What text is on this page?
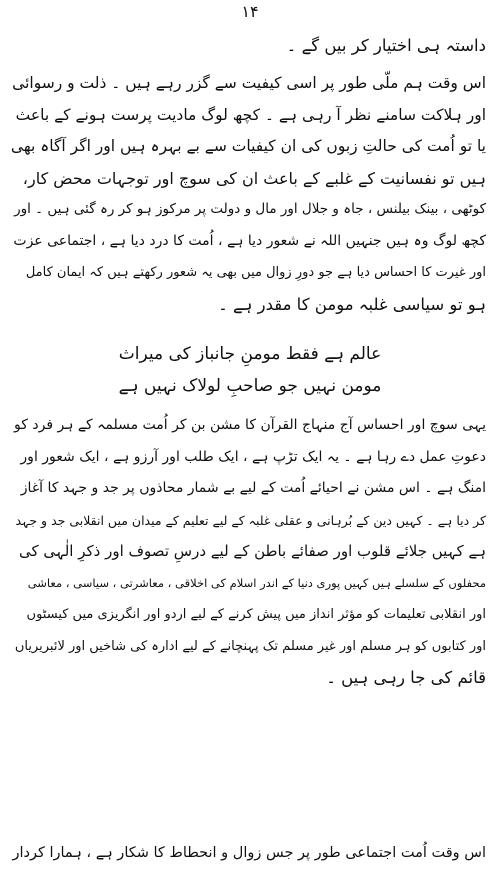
۱۴
داستہ ہی اختیار کر بیں گے ۔
اس وقت ہم ملّی طور پر اسی کیفیت سے گزر رہے ہیں ۔ ذلت و رسوائی
اور ہلاکت سامنے نظر آ رہی ہے ۔ کچھ لوگ مادیت پرست ہونے کے باعث
یا تو اُمت کی حالتِ زبوں کی ان کیفیات سے بے بہرہ ہیں اور اگر آگاہ بھی
ہیں تو نفسانیت کے غلبے کے باعث ان کی سوچ اور توجہات محض کار،
کوٹھی ، بینک بیلنس ، جاہ و جلال اور مال و دولت پر مرکوز ہو کر رہ گئی ہیں ۔ اور
کچھ لوگ وہ ہیں جنہیں اللہ نے شعور دیا ہے ، اُمت کا درد دیا ہے ، اجتماعی عزت
اور غیرت کا احساس دیا ہے جو دورِ زوال میں بھی یہ شعور رکھتے ہیں کہ ایمان کامل
ہو تو سیاسی غلبہ مومن کا مقدر ہے ۔
عالم ہے فقط مومنِ جانباز کی میراث
مومن نہیں جو صاحبِ لولاک نہیں ہے
یہی سوچ اور احساس آج منہاج القرآن کا مشن بن کر اُمت مسلمہ کے ہر فرد کو
دعوتِ عمل دے رہا ہے ۔ یہ ایک تڑپ ہے ، ایک طلب اور آرزو ہے ، ایک شعور اور
امنگ ہے ۔ اس مشن نے احیائے اُمت کے لیے بے شمار محاذوں پر جد و جہد کا آغاز
کر دیا ہے ۔ کہیں دین کے بُرہانی و عقلی غلبہ کے لیے تعلیم کے میدان میں انقلابی جد و جہد
ہے کہیں جلائے قلوب اور صفائے باطن کے لیے درسِ تصوف اور ذکرِ الٰہی کی
محفلوں کے سلسلے ہیں کہیں پوری دنیا کے اندر اسلام کی اخلاقی ، معاشرتی ، سیاسی ، معاشی
اور انقلابی تعلیمات کو مؤثر انداز میں پیش کرنے کے لیے اردو اور انگریزی میں کیسٹوں
اور کتابوں کو ہر مسلم اور غیر مسلم تک پہنچانے کے لیے ادارہ کی شاخیں اور لائبریریاں
قائم کی جا رہی ہیں ۔
اس وقت اُمت اجتماعی طور پر جس زوال و انحطاط کا شکار ہے ، ہمارا کردار
